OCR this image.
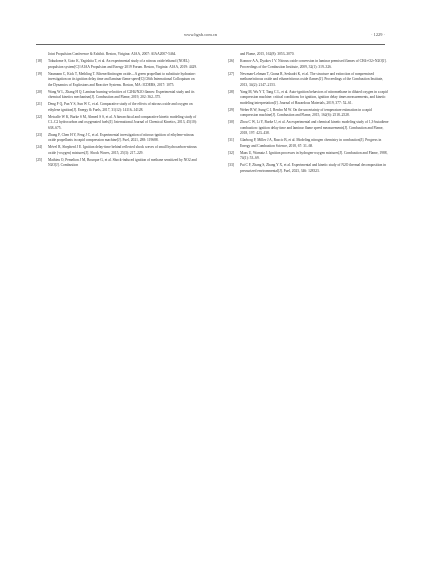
www.hgxb.com.cn	· 1229 ·
Joint Propulsion Conference & Exhibit. Reston, Virigina: AIAA, 2007: AIAA2007-5464.
[18] Tokudome S, Goto K, Yagishita T, et al. An experimental study of a nitrous oxide/ethanol (NOEL) propulsion system[C]//AIAA Propulsion and Energy 2019 Forum. Reston, Virginia: AIAA, 2019: 4429.
[19] Naumann C, Kick T, Methling T. Ethene/dinitrogen oxide—A green propellant to substitute hydrazine: investigation on its ignition delay time and laminar flame speed[C]//26th International Colloquium on the Dynamics of Explosions and Reactive Systems. Boston, MA: ICDERS, 2017: 1075.
[20] Wang W L, Zhang H Q. Laminar burning velocities of C2H4/N2O flames: Experimental study and its chemical kinetics mechanism[J]. Combustion and Flame, 2019, 202: 362–375.
[21] Deng F Q, Pan Y S, Sun W C, et al. Comparative study of the effects of nitrous oxide and oxygen on ethylene ignition[J]. Energy & Fuels, 2017, 31(12): 14116–14128.
[22] Metcalfe W K, Burke S M, Ahmed S S, et al. A hierarchical and comparative kinetic modeling study of C1–C2 hydrocarbon and oxygenated fuels[J]. International Journal of Chemical Kinetics, 2013, 45(10): 638–675.
[23] Zhang F, Chen H Y, Feng J C, et al. Experimental investigation of nitrous-ignition of ethylene-nitrous oxide propellants in rapid compression machine[J]. Fuel, 2021, 288: 119688.
[24] Mével R, Shepherd J E. Ignition delay-time behind reflected shock waves of small hydrocarbon-nitrous oxide (-oxygen) mixtures[J]. Shock Waves, 2015, 25(3): 217–229.
[25] Mathieu O, Pemelton J M, Bourque G, et al. Shock-induced ignition of methane sensitized by NO2 and N2O[J]. Combustion
and Flame, 2015, 162(8): 3053–3070.
[26] Konnov A A, Dyakov I V. Nitrous oxide conversion in laminar premixed flames of CH4+O2+N2O[J]. Proceedings of the Combustion Institute, 2009, 32(1): 319–326.
[27] Newman-Lehman T, Grana R, Seshadri K, et al. The structure and extinction of nonpremixed methane/nitrous oxide and ethane/nitrous oxide flames[J]. Proceedings of the Combustion Institute, 2013, 34(2): 2147–2153.
[28] Yang M, Wu Y T, Tang C L, et al. Auto-ignition behaviors of nitromethane in diluted oxygen in a rapid compression machine: critical conditions for ignition, ignition delay times measurements, and kinetic modeling interpretation[J]. Journal of Hazardous Materials, 2019, 377: 52–61.
[29] Weber B W, Sung C J, Renfro M W. On the uncertainty of temperature estimation in a rapid compression machine[J]. Combustion and Flame, 2015, 162(6): 2518–2528.
[30] Zhou C W, Li Y, Burke U, et al. An experimental and chemical kinetic modeling study of 1,3-butadiene combustion: ignition delay time and laminar flame speed measurements[J]. Combustion and Flame, 2018, 197: 423–438.
[31] Glarborg P, Miller J A, Ruscic B, et al. Modeling nitrogen chemistry in combustion[J]. Progress in Energy and Combustion Science, 2018, 67: 31–68.
[32] Maas U, Warnatz J. Ignition processes in hydrogen-oxygen mixtures[J]. Combustion and Flame, 1988, 74(1): 53–69.
[33] Pai C F, Zhang S, Zhang Y X, et al. Experimental and kinetic study of N2O thermal decomposition in pressurized environmental[J]. Fuel, 2023, 346: 128323.
